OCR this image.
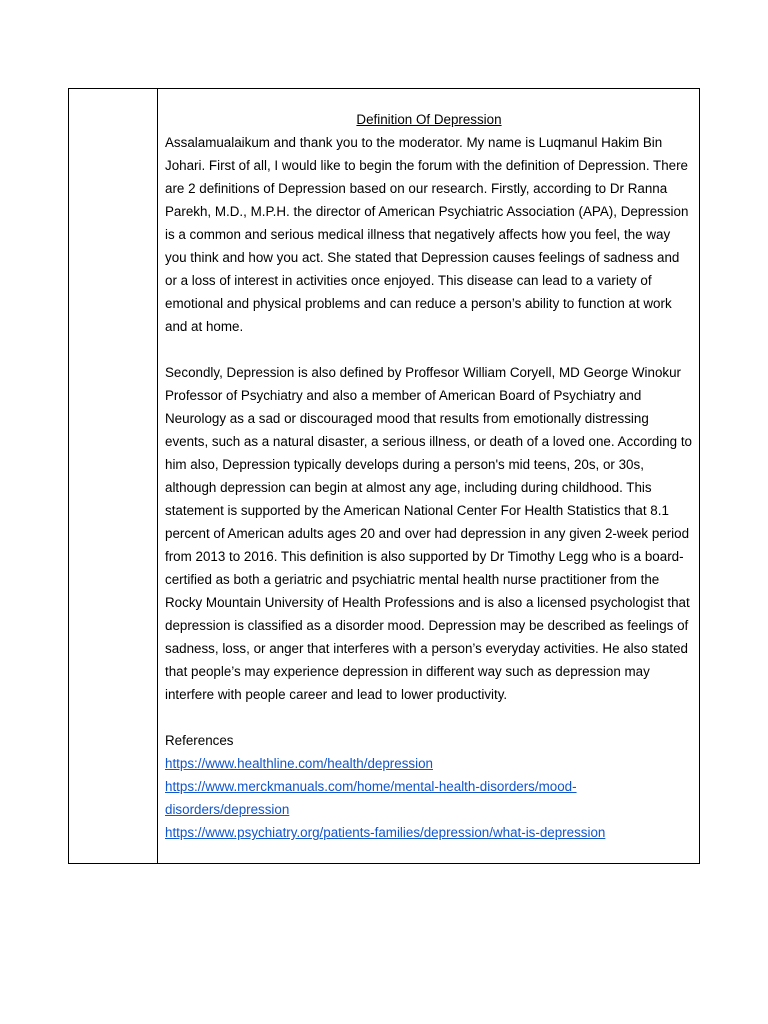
Definition Of Depression

Assalamualaikum and thank you to the moderator. My name is Luqmanul Hakim Bin Johari. First of all, I would like to begin the forum with the definition of Depression. There are 2 definitions of Depression based on our research. Firstly, according to Dr Ranna Parekh, M.D., M.P.H. the director of American Psychiatric Association (APA), Depression is a common and serious medical illness that negatively affects how you feel, the way you think and how you act. She stated that Depression causes feelings of sadness and or a loss of interest in activities once enjoyed. This disease can lead to a variety of emotional and physical problems and can reduce a person’s ability to function at work and at home.

Secondly, Depression is also defined by Proffesor William Coryell, MD George Winokur Professor of Psychiatry and also a member of American Board of Psychiatry and Neurology as a sad or discouraged mood that results from emotionally distressing events, such as a natural disaster, a serious illness, or death of a loved one. According to him also, Depression typically develops during a person's mid teens, 20s, or 30s, although depression can begin at almost any age, including during childhood. This statement is supported by the American National Center For Health Statistics that 8.1 percent of American adults ages 20 and over had depression in any given 2-week period from 2013 to 2016. This definition is also supported by Dr Timothy Legg who is a board-certified as both a geriatric and psychiatric mental health nurse practitioner from the Rocky Mountain University of Health Professions and is also a licensed psychologist that depression is classified as a disorder mood. Depression may be described as feelings of sadness, loss, or anger that interferes with a person’s everyday activities. He also stated that people’s may experience depression in different way such as depression may interfere with people career and lead to lower productivity.

References

https://www.healthline.com/health/depression
https://www.merckmanuals.com/home/mental-health-disorders/mood-disorders/depression
https://www.psychiatry.org/patients-families/depression/what-is-depression
